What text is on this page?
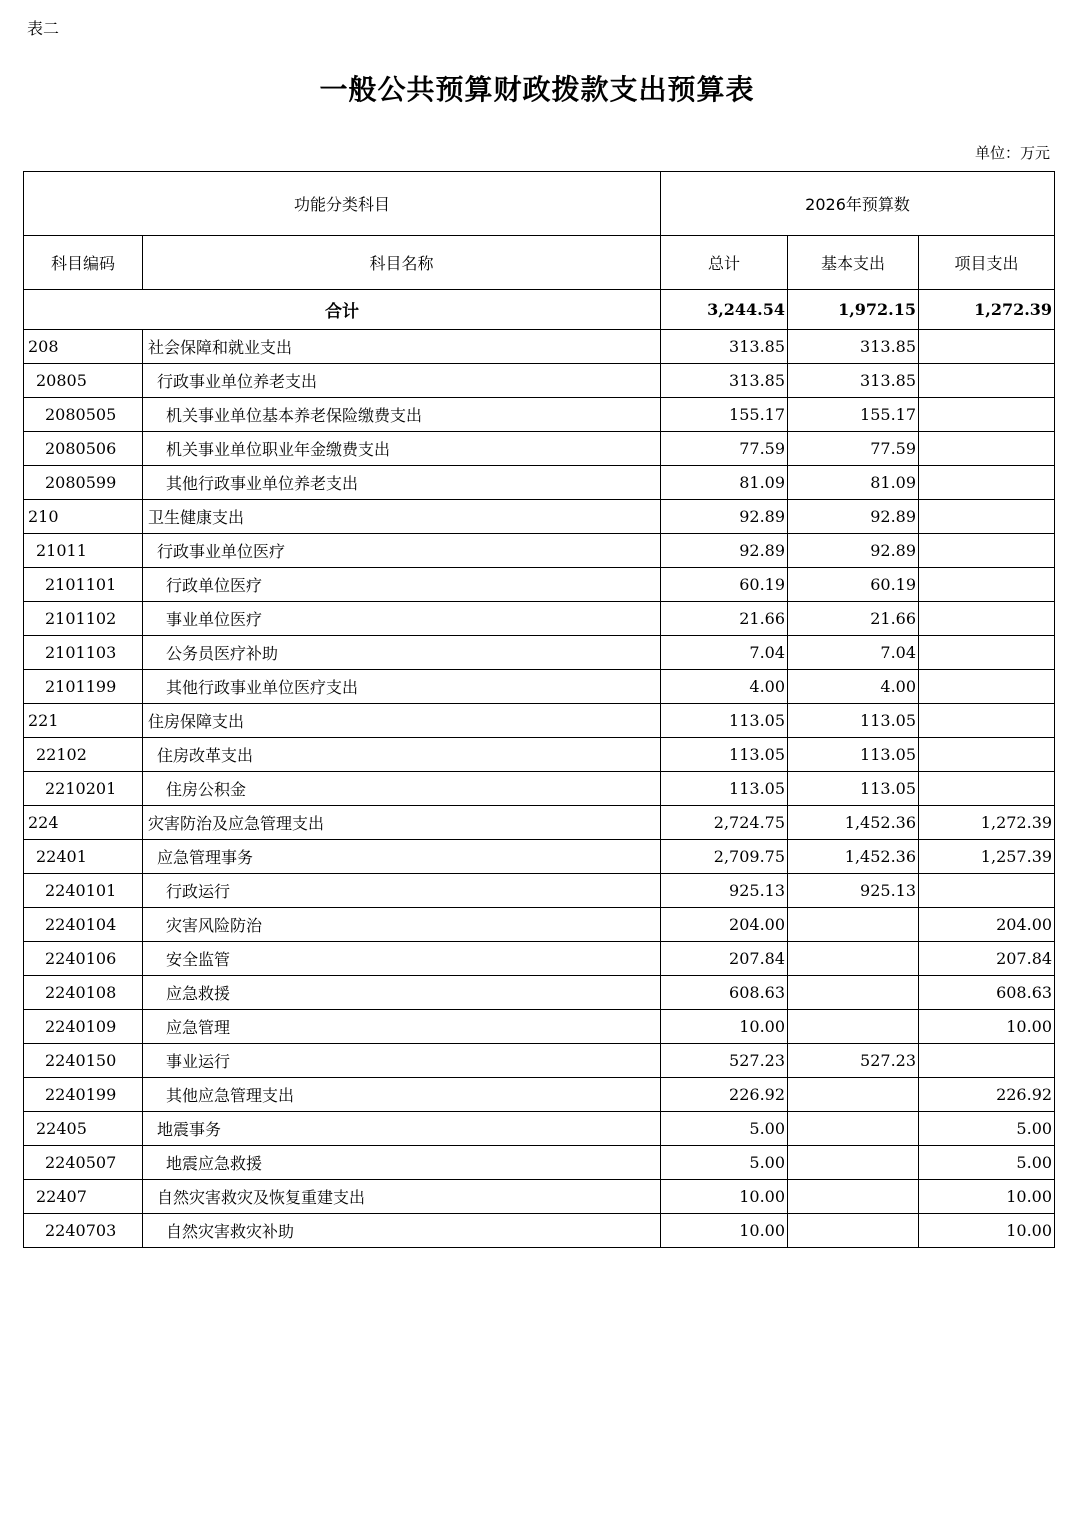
表二
一般公共预算财政拨款支出预算表
单位：万元
功能分类科目		2026年预算数		
科目编码	科目名称	总计	基本支出	项目支出
合计		3,244.54	1,972.15	1,272.39
208	社会保障和就业支出	313.85	313.85	
20805	行政事业单位养老支出	313.85	313.85	
2080505	机关事业单位基本养老保险缴费支出	155.17	155.17	
2080506	机关事业单位职业年金缴费支出	77.59	77.59	
2080599	其他行政事业单位养老支出	81.09	81.09	
210	卫生健康支出	92.89	92.89	
21011	行政事业单位医疗	92.89	92.89	
2101101	行政单位医疗	60.19	60.19	
2101102	事业单位医疗	21.66	21.66	
2101103	公务员医疗补助	7.04	7.04	
2101199	其他行政事业单位医疗支出	4.00	4.00	
221	住房保障支出	113.05	113.05	
22102	住房改革支出	113.05	113.05	
2210201	住房公积金	113.05	113.05	
224	灾害防治及应急管理支出	2,724.75	1,452.36	1,272.39
22401	应急管理事务	2,709.75	1,452.36	1,257.39
2240101	行政运行	925.13	925.13	
2240104	灾害风险防治	204.00		204.00
2240106	安全监管	207.84		207.84
2240108	应急救援	608.63		608.63
2240109	应急管理	10.00		10.00
2240150	事业运行	527.23	527.23	
2240199	其他应急管理支出	226.92		226.92
22405	地震事务	5.00		5.00
2240507	地震应急救援	5.00		5.00
22407	自然灾害救灾及恢复重建支出	10.00		10.00
2240703	自然灾害救灾补助	10.00		10.00
